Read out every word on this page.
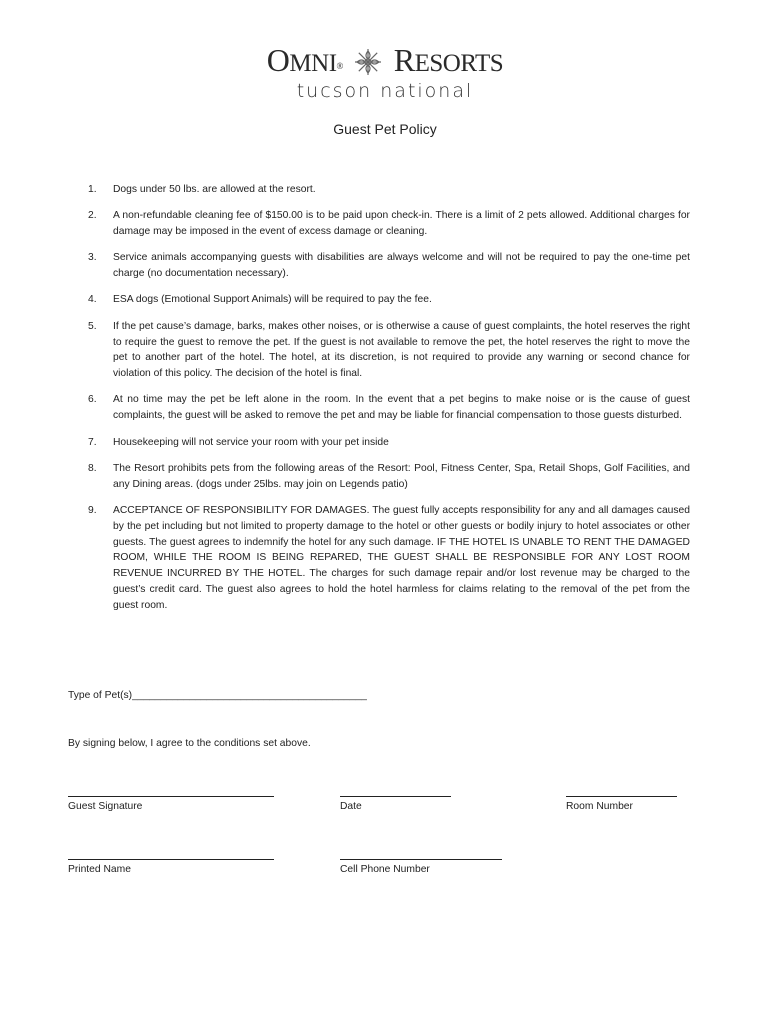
OMNI® RESORTS
tucson national
Guest Pet Policy
1. Dogs under 50 lbs. are allowed at the resort.
2. A non-refundable cleaning fee of $150.00 is to be paid upon check-in. There is a limit of 2 pets allowed. Additional charges for damage may be imposed in the event of excess damage or cleaning.
3. Service animals accompanying guests with disabilities are always welcome and will not be required to pay the one-time pet charge (no documentation necessary).
4. ESA dogs (Emotional Support Animals) will be required to pay the fee.
5. If the pet cause’s damage, barks, makes other noises, or is otherwise a cause of guest complaints, the hotel reserves the right to require the guest to remove the pet. If the guest is not available to remove the pet, the hotel reserves the right to move the pet to another part of the hotel. The hotel, at its discretion, is not required to provide any warning or second chance for violation of this policy. The decision of the hotel is final.
6. At no time may the pet be left alone in the room. In the event that a pet begins to make noise or is the cause of guest complaints, the guest will be asked to remove the pet and may be liable for financial compensation to those guests disturbed.
7. Housekeeping will not service your room with your pet inside
8. The Resort prohibits pets from the following areas of the Resort: Pool, Fitness Center, Spa, Retail Shops, Golf Facilities, and any Dining areas. (dogs under 25lbs. may join on Legends patio)
9. ACCEPTANCE OF RESPONSIBILITY FOR DAMAGES. The guest fully accepts responsibility for any and all damages caused by the pet including but not limited to property damage to the hotel or other guests or bodily injury to hotel associates or other guests. The guest agrees to indemnify the hotel for any such damage. IF THE HOTEL IS UNABLE TO RENT THE DAMAGED ROOM, WHILE THE ROOM IS BEING REPARED, THE GUEST SHALL BE RESPONSIBLE FOR ANY LOST ROOM REVENUE INCURRED BY THE HOTEL. The charges for such damage repair and/or lost revenue may be charged to the guest’s credit card. The guest also agrees to hold the hotel harmless for claims relating to the removal of the pet from the guest room.
Type of Pet(s)_________________________________________
By signing below, I agree to the conditions set above.
Guest Signature	Date	Room Number
Printed Name	Cell Phone Number
